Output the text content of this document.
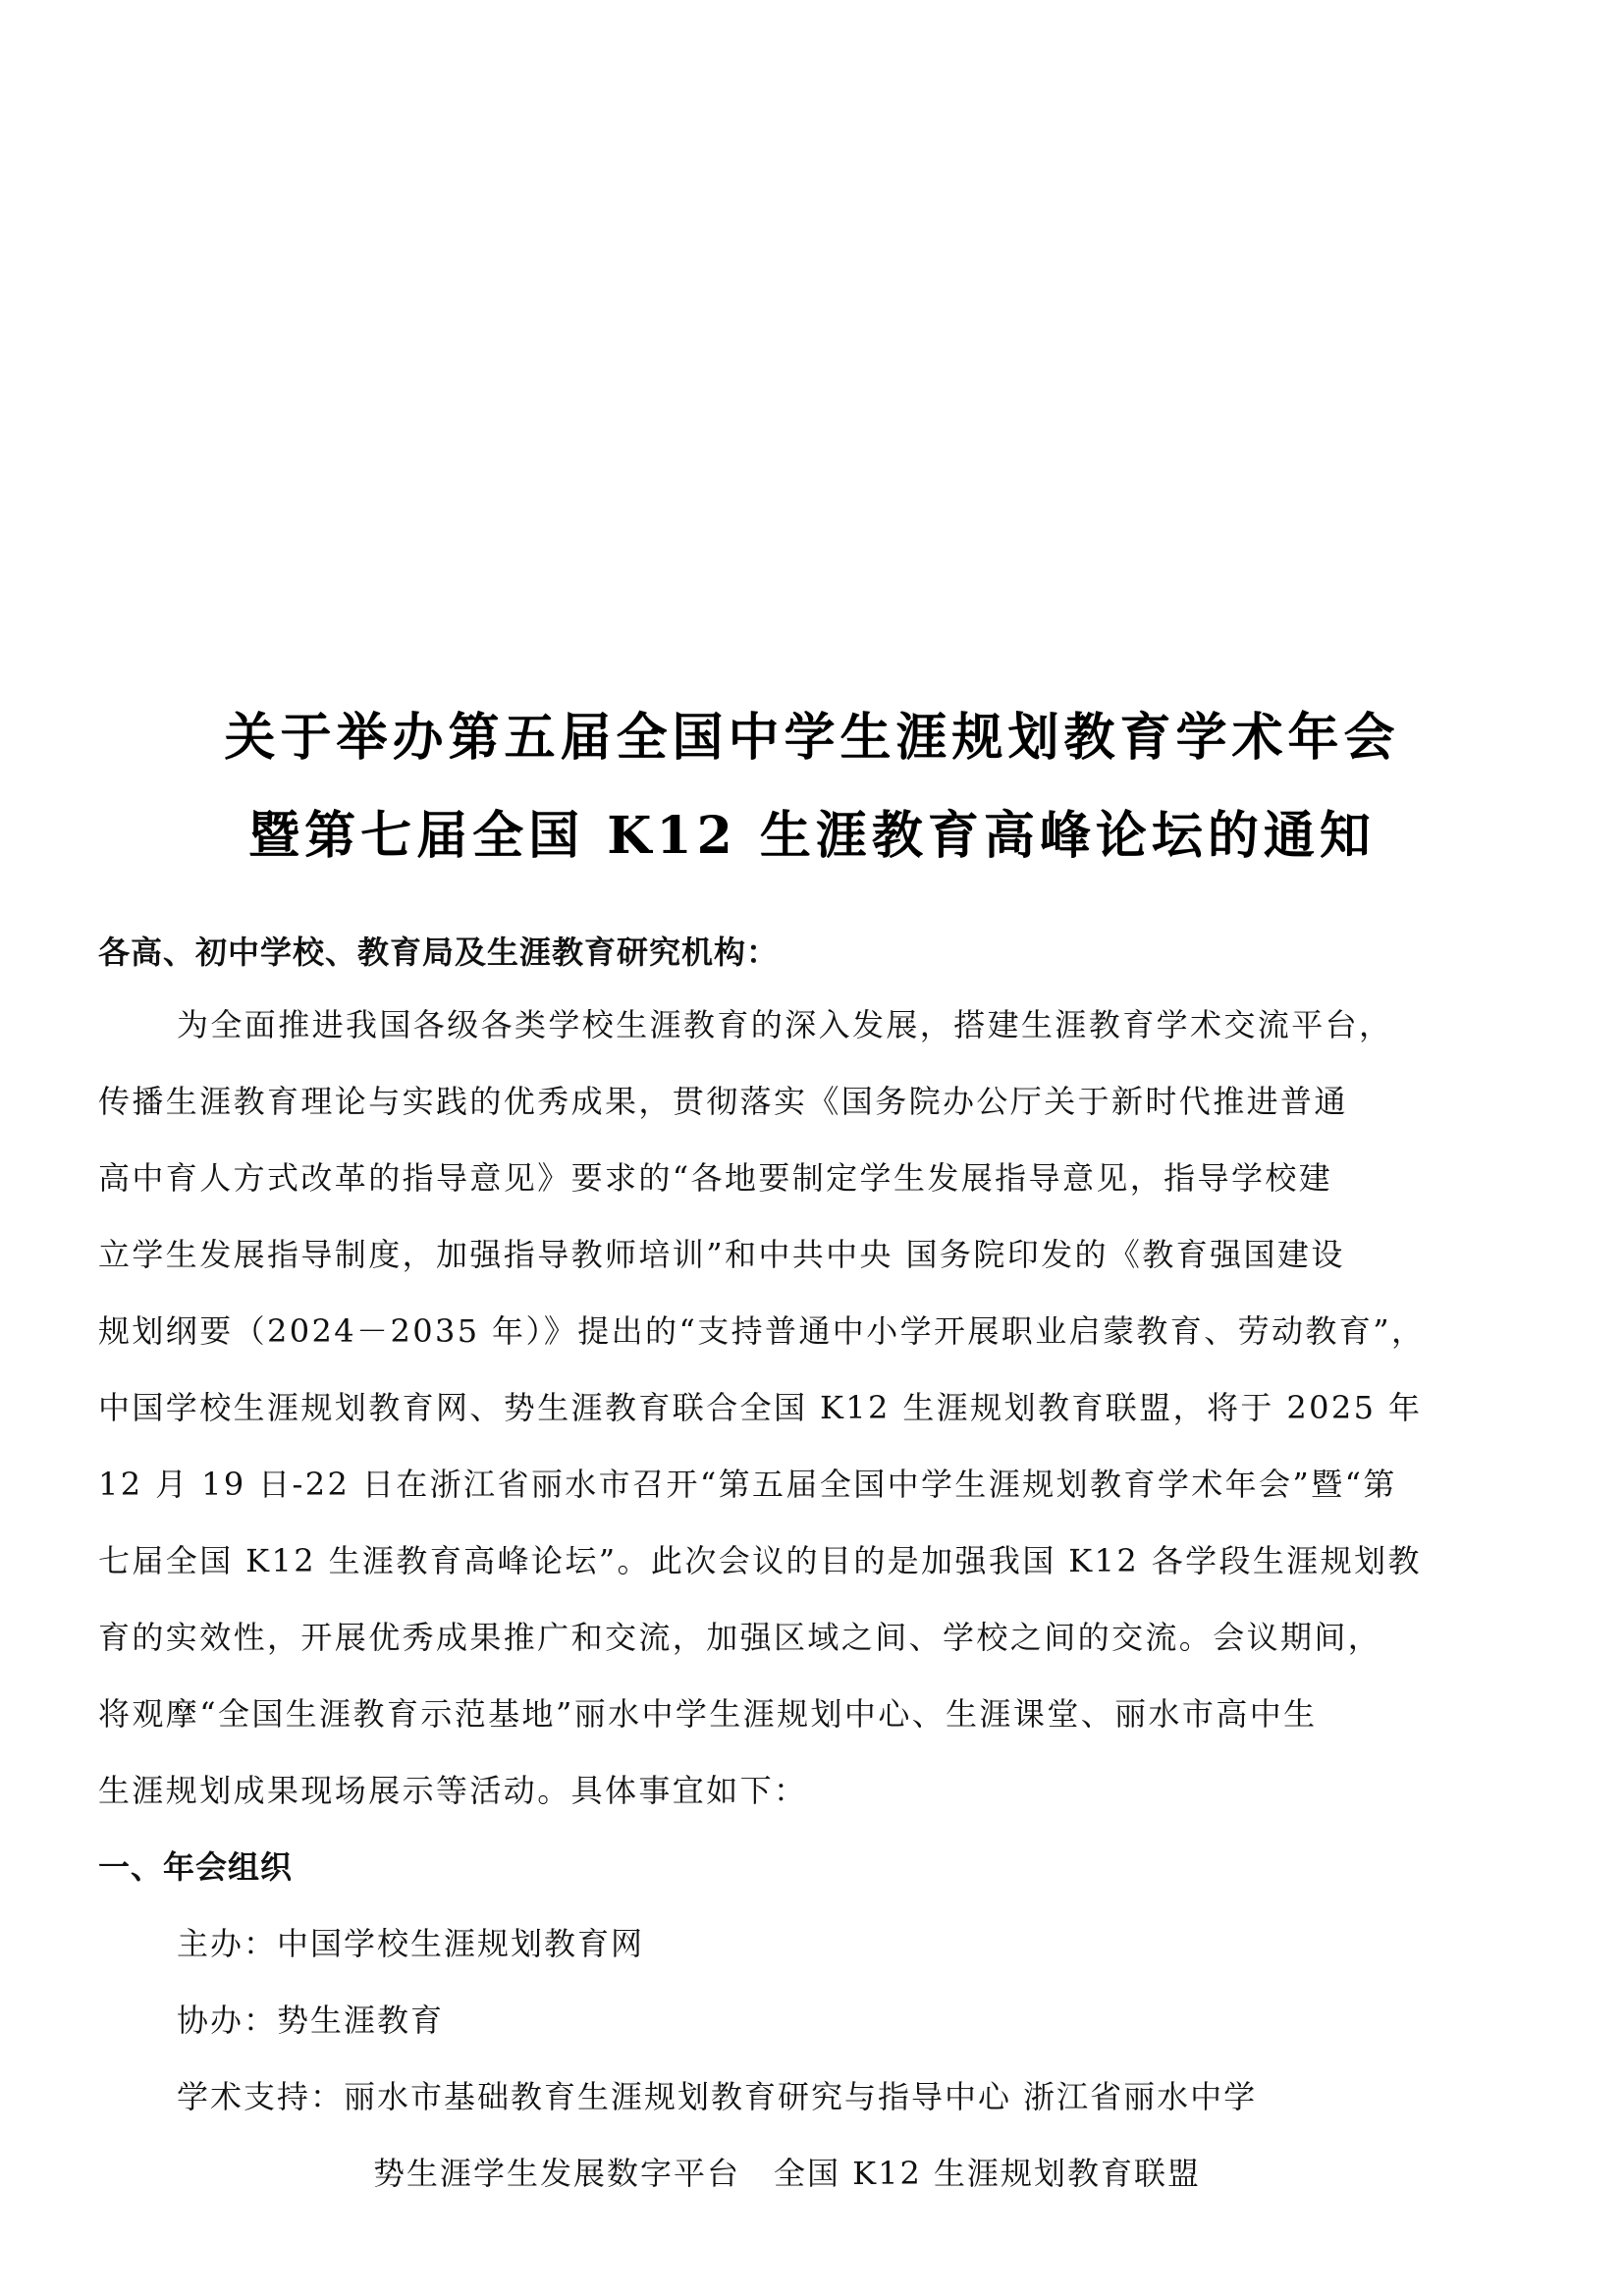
关于举办第五届全国中学生涯规划教育学术年会
暨第七届全国 K12 生涯教育高峰论坛的通知
各高、初中学校、教育局及生涯教育研究机构：
为全面推进我国各级各类学校生涯教育的深入发展，搭建生涯教育学术交流平台，
传播生涯教育理论与实践的优秀成果，贯彻落实《国务院办公厅关于新时代推进普通
高中育人方式改革的指导意见》要求的“各地要制定学生发展指导意见，指导学校建
立学生发展指导制度，加强指导教师培训”和中共中央 国务院印发的《教育强国建设
规划纲要（2024－2035 年）》提出的“支持普通中小学开展职业启蒙教育、劳动教育”，
中国学校生涯规划教育网、势生涯教育联合全国 K12 生涯规划教育联盟，将于 2025 年
12 月 19 日-22 日在浙江省丽水市召开“第五届全国中学生涯规划教育学术年会”暨“第
七届全国 K12 生涯教育高峰论坛”。此次会议的目的是加强我国 K12 各学段生涯规划教
育的实效性，开展优秀成果推广和交流，加强区域之间、学校之间的交流。会议期间，
将观摩“全国生涯教育示范基地”丽水中学生涯规划中心、生涯课堂、丽水市高中生
生涯规划成果现场展示等活动。具体事宜如下：
一、年会组织
主办：中国学校生涯规划教育网
协办：势生涯教育
学术支持：丽水市基础教育生涯规划教育研究与指导中心 浙江省丽水中学
势生涯学生发展数字平台　全国 K12 生涯规划教育联盟
